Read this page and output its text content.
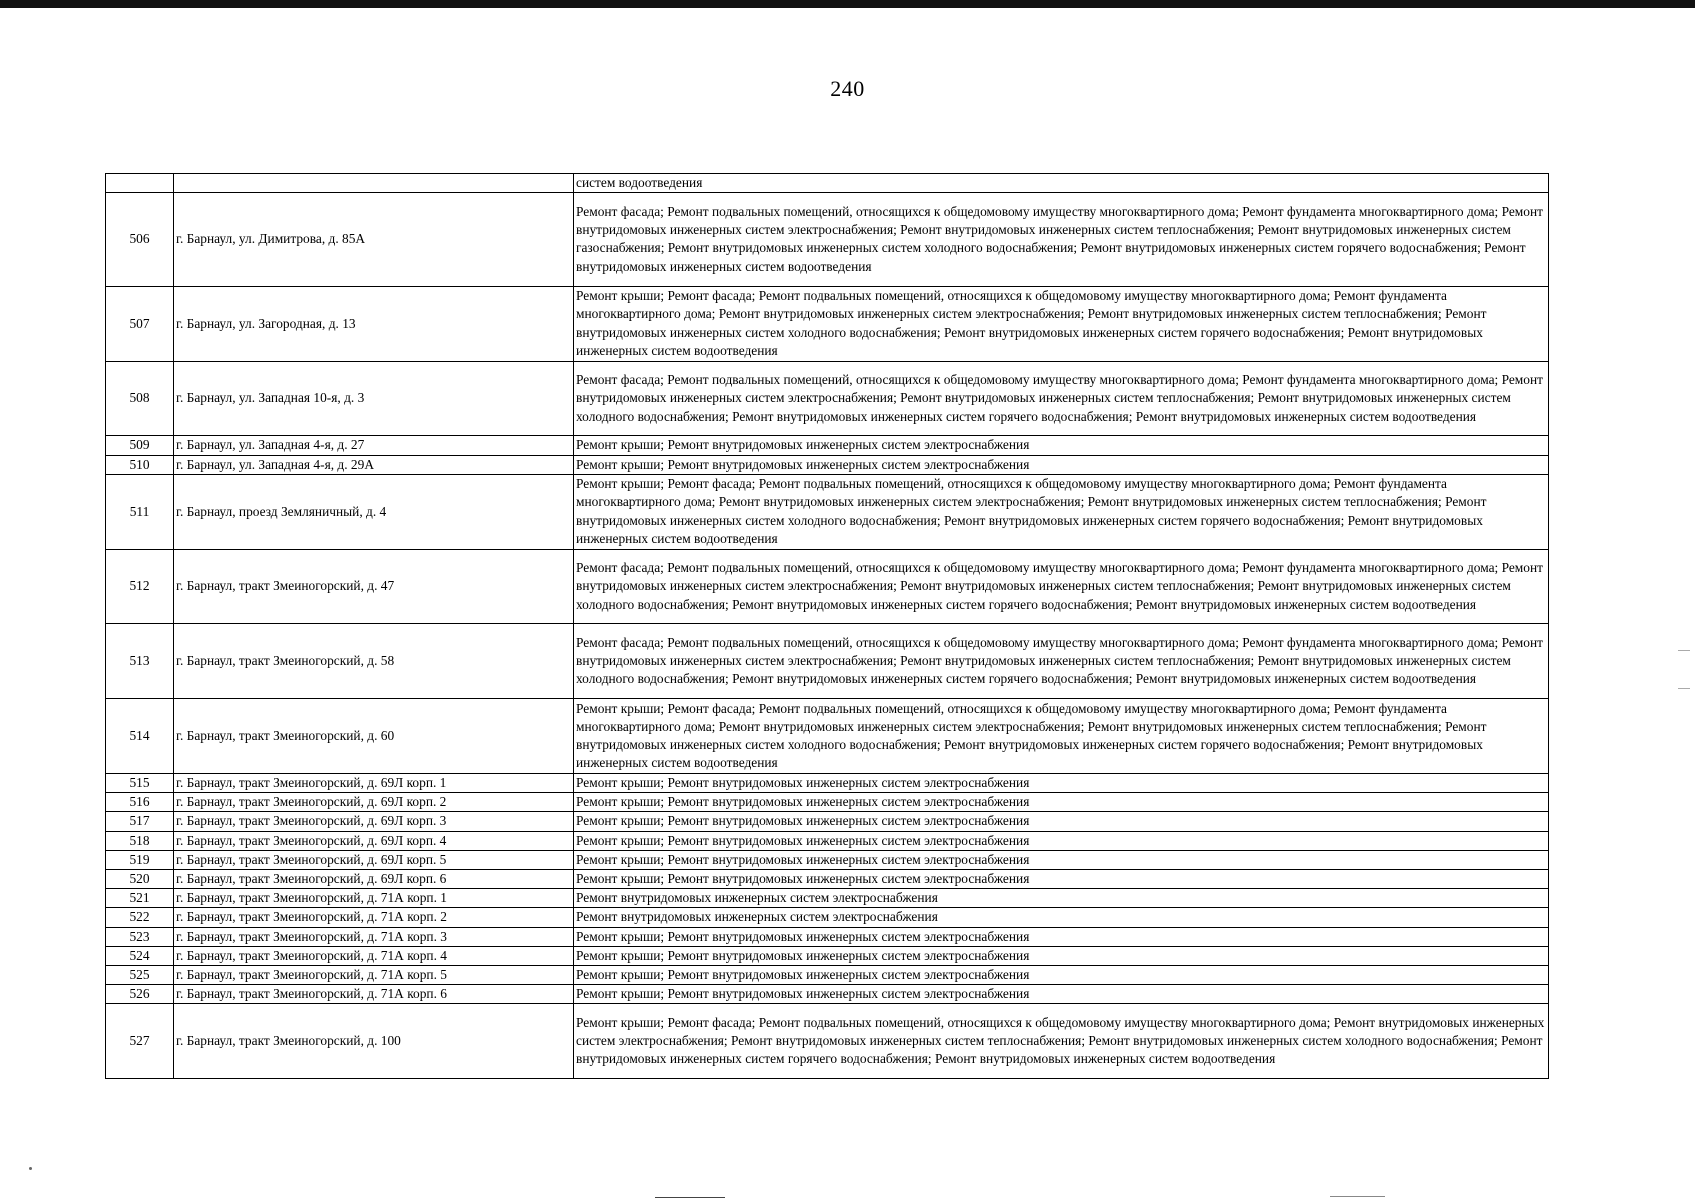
240
		систем водоотведения
506	г. Барнаул, ул. Димитрова, д. 85А	Ремонт фасада; Ремонт подвальных помещений, относящихся к общедомовому имуществу многоквартирного дома; Ремонт фундамента многоквартирного дома; Ремонт внутридомовых инженерных систем электроснабжения; Ремонт внутридомовых инженерных систем теплоснабжения; Ремонт внутридомовых инженерных систем газоснабжения; Ремонт внутридомовых инженерных систем холодного водоснабжения; Ремонт внутридомовых инженерных систем горячего водоснабжения; Ремонт внутридомовых инженерных систем водоотведения
507	г. Барнаул, ул. Загородная, д. 13	Ремонт крыши; Ремонт фасада; Ремонт подвальных помещений, относящихся к общедомовому имуществу многоквартирного дома; Ремонт фундамента многоквартирного дома; Ремонт внутридомовых инженерных систем электроснабжения; Ремонт внутридомовых инженерных систем теплоснабжения; Ремонт внутридомовых инженерных систем холодного водоснабжения; Ремонт внутридомовых инженерных систем горячего водоснабжения; Ремонт внутридомовых инженерных систем водоотведения
508	г. Барнаул, ул. Западная 10-я, д. 3	Ремонт фасада; Ремонт подвальных помещений, относящихся к общедомовому имуществу многоквартирного дома; Ремонт фундамента многоквартирного дома; Ремонт внутридомовых инженерных систем электроснабжения; Ремонт внутридомовых инженерных систем теплоснабжения; Ремонт внутридомовых инженерных систем холодного водоснабжения; Ремонт внутридомовых инженерных систем горячего водоснабжения; Ремонт внутридомовых инженерных систем водоотведения
509	г. Барнаул, ул. Западная 4-я, д. 27	Ремонт крыши; Ремонт внутридомовых инженерных систем электроснабжения
510	г. Барнаул, ул. Западная 4-я, д. 29А	Ремонт крыши; Ремонт внутридомовых инженерных систем электроснабжения
511	г. Барнаул, проезд Земляничный, д. 4	Ремонт крыши; Ремонт фасада; Ремонт подвальных помещений, относящихся к общедомовому имуществу многоквартирного дома; Ремонт фундамента многоквартирного дома; Ремонт внутридомовых инженерных систем электроснабжения; Ремонт внутридомовых инженерных систем теплоснабжения; Ремонт внутридомовых инженерных систем холодного водоснабжения; Ремонт внутридомовых инженерных систем горячего водоснабжения; Ремонт внутридомовых инженерных систем водоотведения
512	г. Барнаул, тракт Змеиногорский, д. 47	Ремонт фасада; Ремонт подвальных помещений, относящихся к общедомовому имуществу многоквартирного дома; Ремонт фундамента многоквартирного дома; Ремонт внутридомовых инженерных систем электроснабжения; Ремонт внутридомовых инженерных систем теплоснабжения; Ремонт внутридомовых инженерных систем холодного водоснабжения; Ремонт внутридомовых инженерных систем горячего водоснабжения; Ремонт внутридомовых инженерных систем водоотведения
513	г. Барнаул, тракт Змеиногорский, д. 58	Ремонт фасада; Ремонт подвальных помещений, относящихся к общедомовому имуществу многоквартирного дома; Ремонт фундамента многоквартирного дома; Ремонт внутридомовых инженерных систем электроснабжения; Ремонт внутридомовых инженерных систем теплоснабжения; Ремонт внутридомовых инженерных систем холодного водоснабжения; Ремонт внутридомовых инженерных систем горячего водоснабжения; Ремонт внутридомовых инженерных систем водоотведения
514	г. Барнаул, тракт Змеиногорский, д. 60	Ремонт крыши; Ремонт фасада; Ремонт подвальных помещений, относящихся к общедомовому имуществу многоквартирного дома; Ремонт фундамента многоквартирного дома; Ремонт внутридомовых инженерных систем электроснабжения; Ремонт внутридомовых инженерных систем теплоснабжения; Ремонт внутридомовых инженерных систем холодного водоснабжения; Ремонт внутридомовых инженерных систем горячего водоснабжения; Ремонт внутридомовых инженерных систем водоотведения
515	г. Барнаул, тракт Змеиногорский, д. 69Л корп. 1	Ремонт крыши; Ремонт внутридомовых инженерных систем электроснабжения
516	г. Барнаул, тракт Змеиногорский, д. 69Л корп. 2	Ремонт крыши; Ремонт внутридомовых инженерных систем электроснабжения
517	г. Барнаул, тракт Змеиногорский, д. 69Л корп. 3	Ремонт крыши; Ремонт внутридомовых инженерных систем электроснабжения
518	г. Барнаул, тракт Змеиногорский, д. 69Л корп. 4	Ремонт крыши; Ремонт внутридомовых инженерных систем электроснабжения
519	г. Барнаул, тракт Змеиногорский, д. 69Л корп. 5	Ремонт крыши; Ремонт внутридомовых инженерных систем электроснабжения
520	г. Барнаул, тракт Змеиногорский, д. 69Л корп. 6	Ремонт крыши; Ремонт внутридомовых инженерных систем электроснабжения
521	г. Барнаул, тракт Змеиногорский, д. 71А корп. 1	Ремонт внутридомовых инженерных систем электроснабжения
522	г. Барнаул, тракт Змеиногорский, д. 71А корп. 2	Ремонт внутридомовых инженерных систем электроснабжения
523	г. Барнаул, тракт Змеиногорский, д. 71А корп. 3	Ремонт крыши; Ремонт внутридомовых инженерных систем электроснабжения
524	г. Барнаул, тракт Змеиногорский, д. 71А корп. 4	Ремонт крыши; Ремонт внутридомовых инженерных систем электроснабжения
525	г. Барнаул, тракт Змеиногорский, д. 71А корп. 5	Ремонт крыши; Ремонт внутридомовых инженерных систем электроснабжения
526	г. Барнаул, тракт Змеиногорский, д. 71А корп. 6	Ремонт крыши; Ремонт внутридомовых инженерных систем электроснабжения
527	г. Барнаул, тракт Змеиногорский, д. 100	Ремонт крыши; Ремонт фасада; Ремонт подвальных помещений, относящихся к общедомовому имуществу многоквартирного дома; Ремонт внутридомовых инженерных систем электроснабжения; Ремонт внутридомовых инженерных систем теплоснабжения; Ремонт внутридомовых инженерных систем холодного водоснабжения; Ремонт внутридомовых инженерных систем горячего водоснабжения; Ремонт внутридомовых инженерных систем водоотведения
